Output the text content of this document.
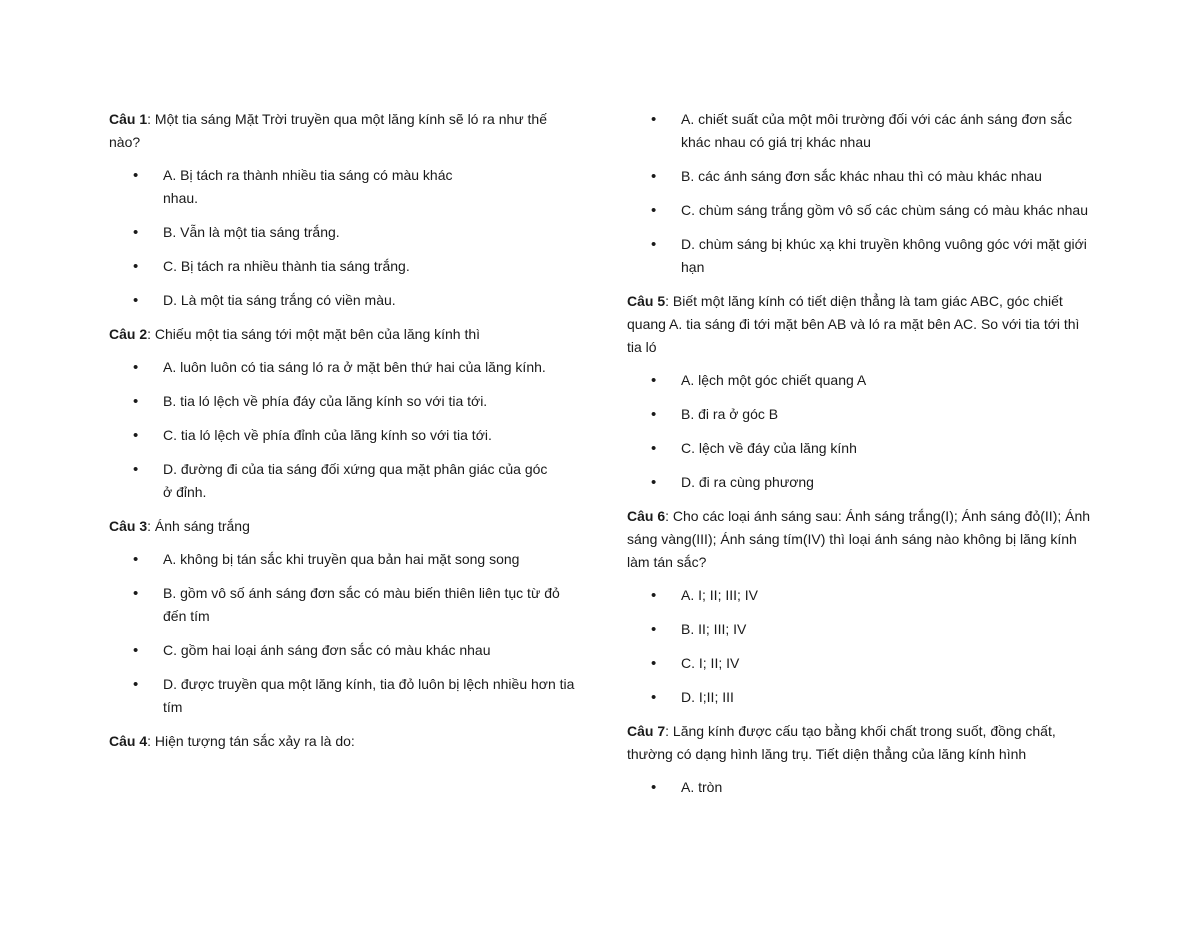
Câu 1: Một tia sáng Mặt Trời truyền qua một lăng kính sẽ ló ra như thế nào?

• A. Bị tách ra thành nhiều tia sáng có màu khác nhau.
• B. Vẫn là một tia sáng trắng.
• C. Bị tách ra nhiều thành tia sáng trắng.
• D. Là một tia sáng trắng có viền màu.

Câu 2: Chiếu một tia sáng tới một mặt bên của lăng kính thì

• A. luôn luôn có tia sáng ló ra ở mặt bên thứ hai của lăng kính.
• B. tia ló lệch về phía đáy của lăng kính so với tia tới.
• C. tia ló lệch về phía đỉnh của lăng kính so với tia tới.
• D. đường đi của tia sáng đối xứng qua mặt phân giác của góc ở đỉnh.

Câu 3: Ánh sáng trắng

• A. không bị tán sắc khi truyền qua bản hai mặt song song
• B. gồm vô số ánh sáng đơn sắc có màu biến thiên liên tục từ đỏ đến tím
• C. gồm hai loại ánh sáng đơn sắc có màu khác nhau
• D. được truyền qua một lăng kính, tia đỏ luôn bị lệch nhiều hơn tia tím

Câu 4: Hiện tượng tán sắc xảy ra là do:

• A. chiết suất của một môi trường đối với các ánh sáng đơn sắc khác nhau có giá trị khác nhau
• B. các ánh sáng đơn sắc khác nhau thì có màu khác nhau
• C. chùm sáng trắng gồm vô số các chùm sáng có màu khác nhau
• D. chùm sáng bị khúc xạ khi truyền không vuông góc với mặt giới hạn

Câu 5: Biết một lăng kính có tiết diện thẳng là tam giác ABC, góc chiết quang A. tia sáng đi tới mặt bên AB và ló ra mặt bên AC. So với tia tới thì tia ló

• A. lệch một góc chiết quang A
• B. đi ra ở góc B
• C. lệch về đáy của lăng kính
• D. đi ra cùng phương

Câu 6: Cho các loại ánh sáng sau: Ánh sáng trắng(I); Ánh sáng đỏ(II); Ánh sáng vàng(III); Ánh sáng tím(IV) thì loại ánh sáng nào không bị lăng kính làm tán sắc?

• A. I; II; III; IV
• B. II; III; IV
• C. I; II; IV
• D. I;II; III

Câu 7: Lăng kính được cấu tạo bằng khối chất trong suốt, đồng chất, thường có dạng hình lăng trụ. Tiết diện thẳng của lăng kính hình

• A. tròn
